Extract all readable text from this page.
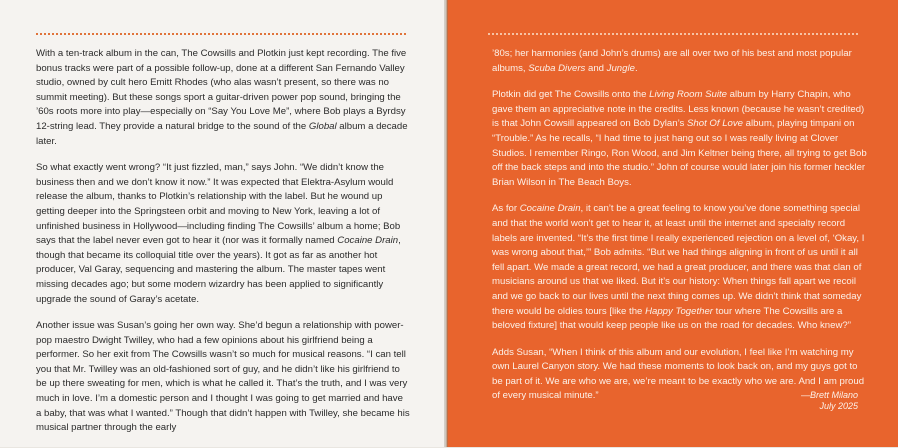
With a ten-track album in the can, The Cowsills and Plotkin just kept recording. The five bonus tracks were part of a possible follow-up, done at a different San Fernando Valley studio, owned by cult hero Emitt Rhodes (who alas wasn’t present, so there was no summit meeting). But these songs sport a guitar-driven power pop sound, bringing the ’60s roots more into play—especially on “Say You Love Me”, where Bob plays a Byrdsy 12-string lead. They provide a natural bridge to the sound of the Global album a decade later.

So what exactly went wrong? “It just fizzled, man,” says John. “We didn’t know the business then and we don’t know it now.” It was expected that Elektra-Asylum would release the album, thanks to Plotkin’s relationship with the label. But he wound up getting deeper into the Springsteen orbit and moving to New York, leaving a lot of unfinished business in Hollywood—including finding The Cowsills’ album a home; Bob says that the label never even got to hear it (nor was it formally named Cocaine Drain, though that became its colloquial title over the years). It got as far as another hot producer, Val Garay, sequencing and mastering the album. The master tapes went missing decades ago; but some modern wizardry has been applied to significantly upgrade the sound of Garay’s acetate.

Another issue was Susan’s going her own way. She’d begun a relationship with power-pop maestro Dwight Twilley, who had a few opinions about his girlfriend being a performer. So her exit from The Cowsills wasn’t so much for musical reasons. “I can tell you that Mr. Twilley was an old-fashioned sort of guy, and he didn’t like his girlfriend to be up there sweating for men, which is what he called it. That’s the truth, and I was very much in love. I’m a domestic person and I thought I was going to get married and have a baby, that was what I wanted.” Though that didn’t happen with Twilley, she became his musical partner through the early

’80s; her harmonies (and John’s drums) are all over two of his best and most popular albums, Scuba Divers and Jungle.

Plotkin did get The Cowsills onto the Living Room Suite album by Harry Chapin, who gave them an appreciative note in the credits. Less known (because he wasn’t credited) is that John Cowsill appeared on Bob Dylan’s Shot Of Love album, playing timpani on “Trouble.” As he recalls, “I had time to just hang out so I was really living at Clover Studios. I remember Ringo, Ron Wood, and Jim Keltner being there, all trying to get Bob off the back steps and into the studio.” John of course would later join his former heckler Brian Wilson in The Beach Boys.

As for Cocaine Drain, it can’t be a great feeling to know you’ve done something special and that the world won’t get to hear it, at least until the internet and specialty record labels are invented. “It’s the first time I really experienced rejection on a level of, ‘Okay, I was wrong about that,’” Bob admits. “But we had things aligning in front of us until it all fell apart. We made a great record, we had a great producer, and there was that clan of musicians around us that we liked. But it’s our history: When things fall apart we recoil and we go back to our lives until the next thing comes up. We didn’t think that someday there would be oldies tours [like the Happy Together tour where The Cowsills are a beloved fixture] that would keep people like us on the road for decades. Who knew?”

Adds Susan, “When I think of this album and our evolution, I feel like I’m watching my own Laurel Canyon story. We had these moments to look back on, and my guys got to be part of it. We are who we are, we’re meant to be exactly who we are. And I am proud of every musical minute.”	—Brett Milano
July 2025
